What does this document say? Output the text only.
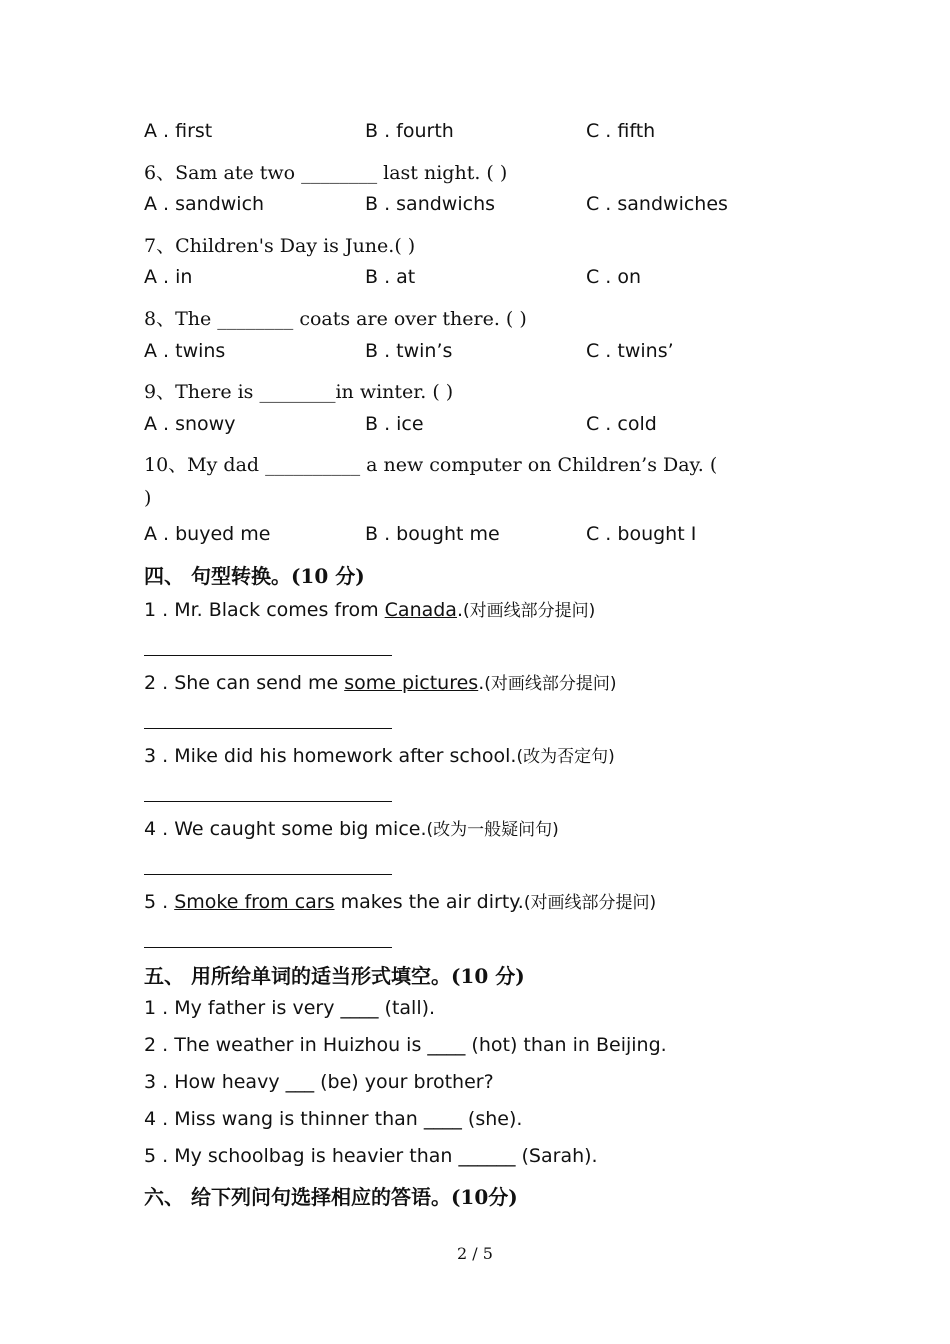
A . first	B . fourth	C . fifth
6、Sam ate two ________ last night. ( )
A . sandwich	B . sandwichs	C . sandwiches
7、Children's Day is June.( )
A . in	B . at	C . on
8、The ________ coats are over there. ( )
A . twins	B . twin’s	C . twins’
9、There is ________in winter. ( )
A . snowy	B . ice	C . cold
10、My dad __________ a new computer on Children’s Day. (
)
A . buyed me	B . bought me	C . bought I
四、 句型转换。(10 分)
1 . Mr. Black comes from Canada.(对画线部分提问)
2 . She can send me some pictures.(对画线部分提问)
3 . Mike did his homework after school.(改为否定句)
4 . We caught some big mice.(改为一般疑问句)
5 . Smoke from cars makes the air dirty.(对画线部分提问)
五、 用所给单词的适当形式填空。(10 分)
1 . My father is very ____ (tall).
2 . The weather in Huizhou is ____ (hot) than in Beijing.
3 . How heavy ___ (be) your brother?
4 . Miss wang is thinner than ____ (she).
5 . My schoolbag is heavier than ______ (Sarah).
六、 给下列问句选择相应的答语。(10分)
2 / 5
